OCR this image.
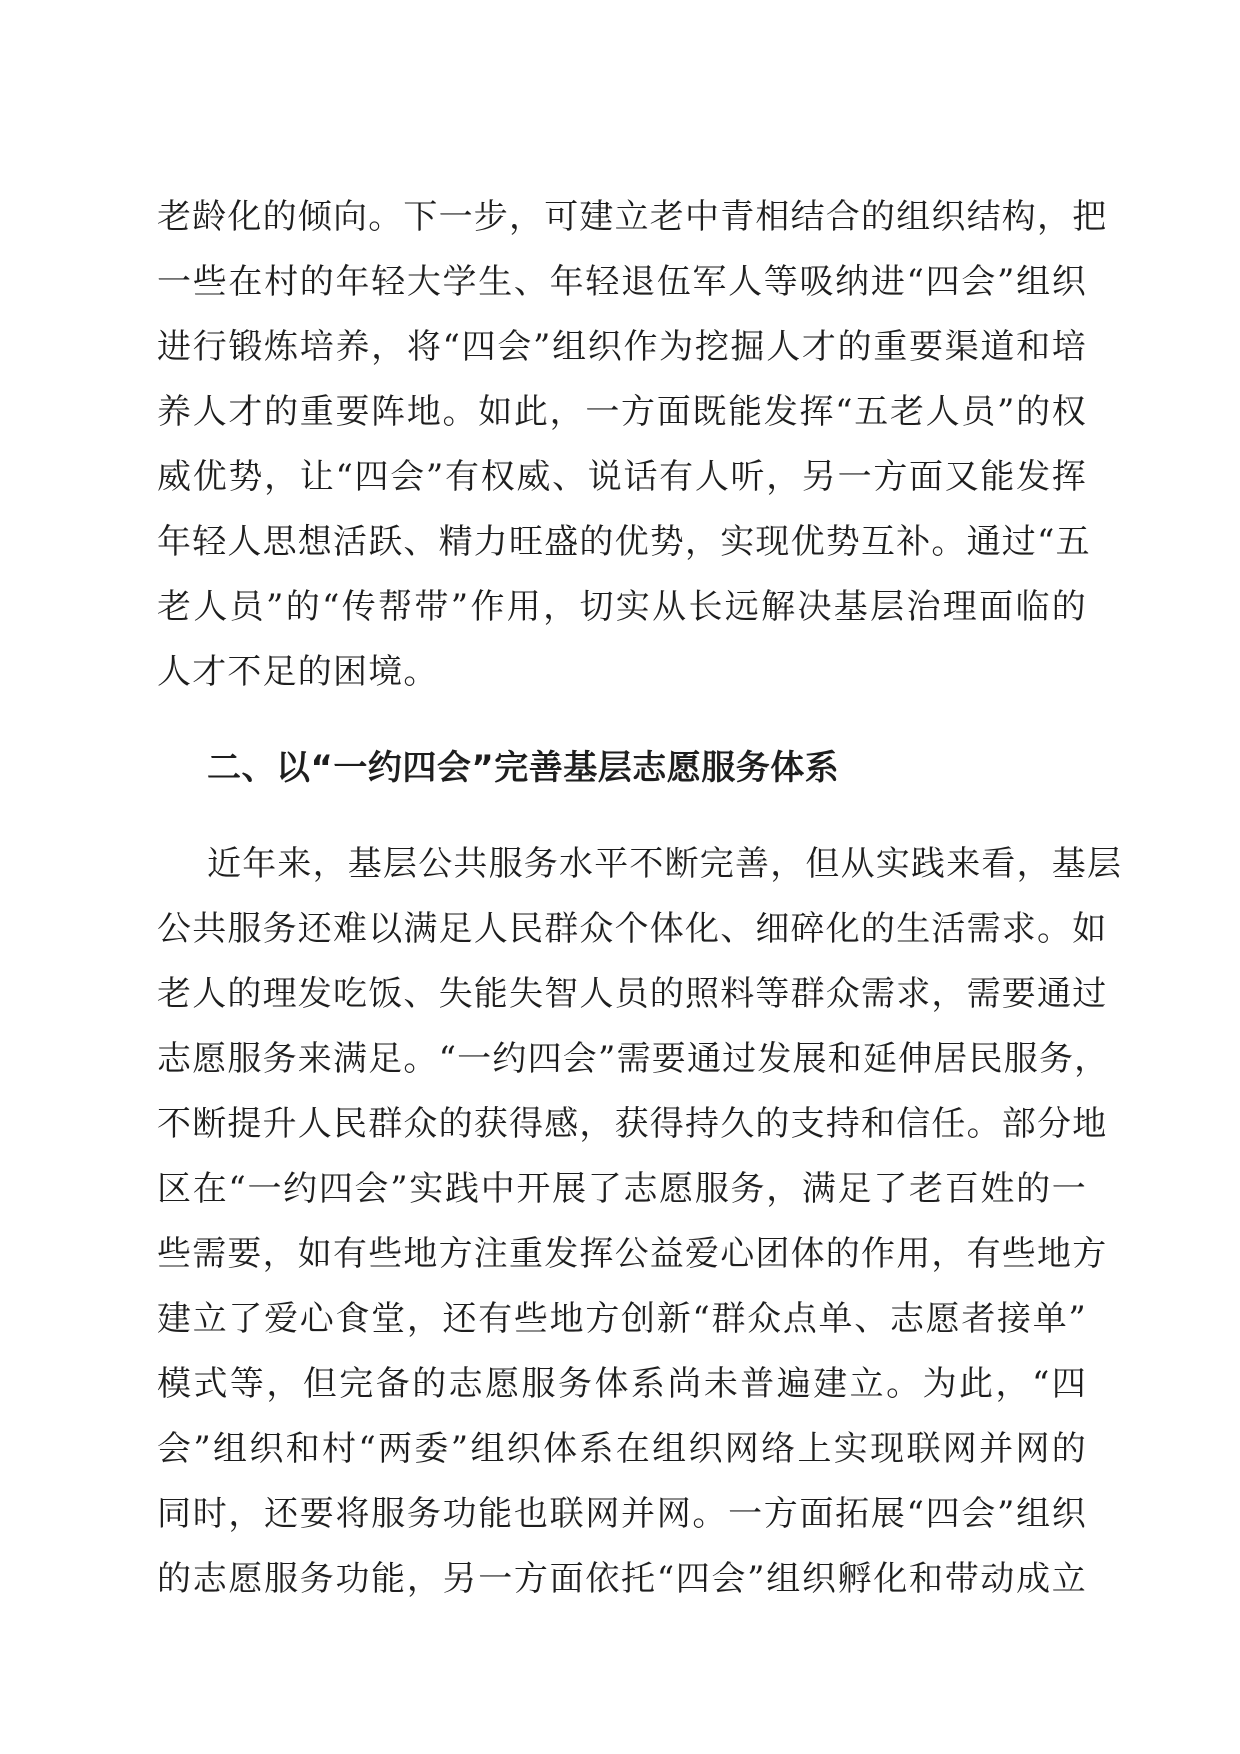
老龄化的倾向。下一步，可建立老中青相结合的组织结构，把
一些在村的年轻大学生、年轻退伍军人等吸纳进“四会”组织
进行锻炼培养，将“四会”组织作为挖掘人才的重要渠道和培
养人才的重要阵地。如此，一方面既能发挥“五老人员”的权
威优势，让“四会”有权威、说话有人听，另一方面又能发挥
年轻人思想活跃、精力旺盛的优势，实现优势互补。通过“五
老人员”的“传帮带”作用，切实从长远解决基层治理面临的
人才不足的困境。
二、以“一约四会”完善基层志愿服务体系
近年来，基层公共服务水平不断完善，但从实践来看，基层
公共服务还难以满足人民群众个体化、细碎化的生活需求。如
老人的理发吃饭、失能失智人员的照料等群众需求，需要通过
志愿服务来满足。“一约四会”需要通过发展和延伸居民服务，
不断提升人民群众的获得感，获得持久的支持和信任。部分地
区在“一约四会”实践中开展了志愿服务，满足了老百姓的一
些需要，如有些地方注重发挥公益爱心团体的作用，有些地方
建立了爱心食堂，还有些地方创新“群众点单、志愿者接单”
模式等，但完备的志愿服务体系尚未普遍建立。为此，“四
会”组织和村“两委”组织体系在组织网络上实现联网并网的
同时，还要将服务功能也联网并网。一方面拓展“四会”组织
的志愿服务功能，另一方面依托“四会”组织孵化和带动成立
